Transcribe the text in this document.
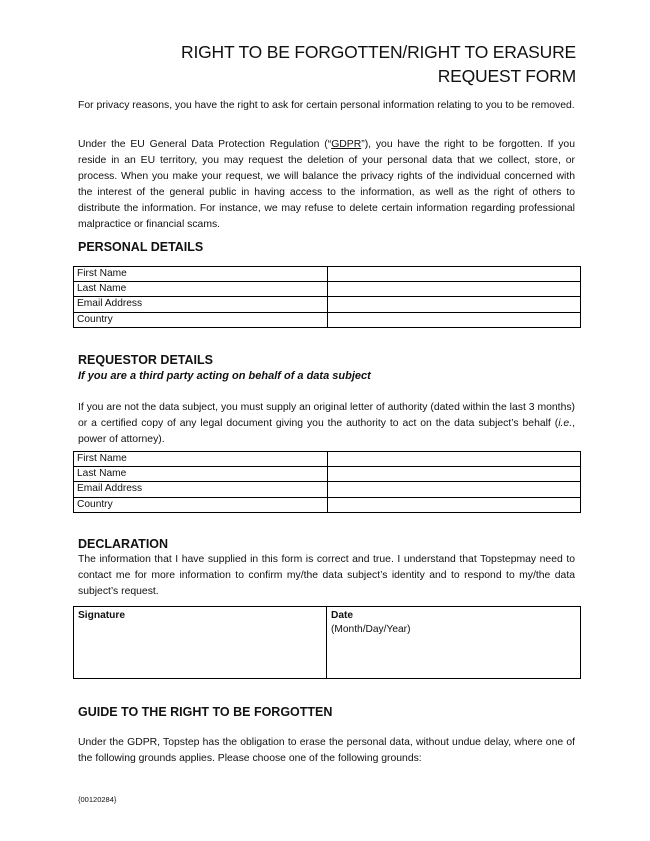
RIGHT TO BE FORGOTTEN/RIGHT TO ERASURE
REQUEST FORM
For privacy reasons, you have the right to ask for certain personal information relating to you to be removed.
Under the EU General Data Protection Regulation (“GDPR”), you have the right to be forgotten. If you reside in an EU territory, you may request the deletion of your personal data that we collect, store, or process. When you make your request, we will balance the privacy rights of the individual concerned with the interest of the general public in having access to the information, as well as the right of others to distribute the information. For instance, we may refuse to delete certain information regarding professional malpractice or financial scams.
PERSONAL DETAILS
First Name	
Last Name	
Email Address	
Country	
REQUESTOR DETAILS
If you are a third party acting on behalf of a data subject
If you are not the data subject, you must supply an original letter of authority (dated within the last 3 months) or a certified copy of any legal document giving you the authority to act on the data subject’s behalf (i.e., power of attorney).
First Name	
Last Name	
Email Address	
Country	
DECLARATION
The information that I have supplied in this form is correct and true. I understand that Topstepmay need to contact me for more information to confirm my/the data subject’s identity and to respond to my/the data subject’s request.
Signature	Date
(Month/Day/Year)
GUIDE TO THE RIGHT TO BE FORGOTTEN
Under the GDPR, Topstep has the obligation to erase the personal data, without undue delay, where one of the following grounds applies. Please choose one of the following grounds:
{00120284}
